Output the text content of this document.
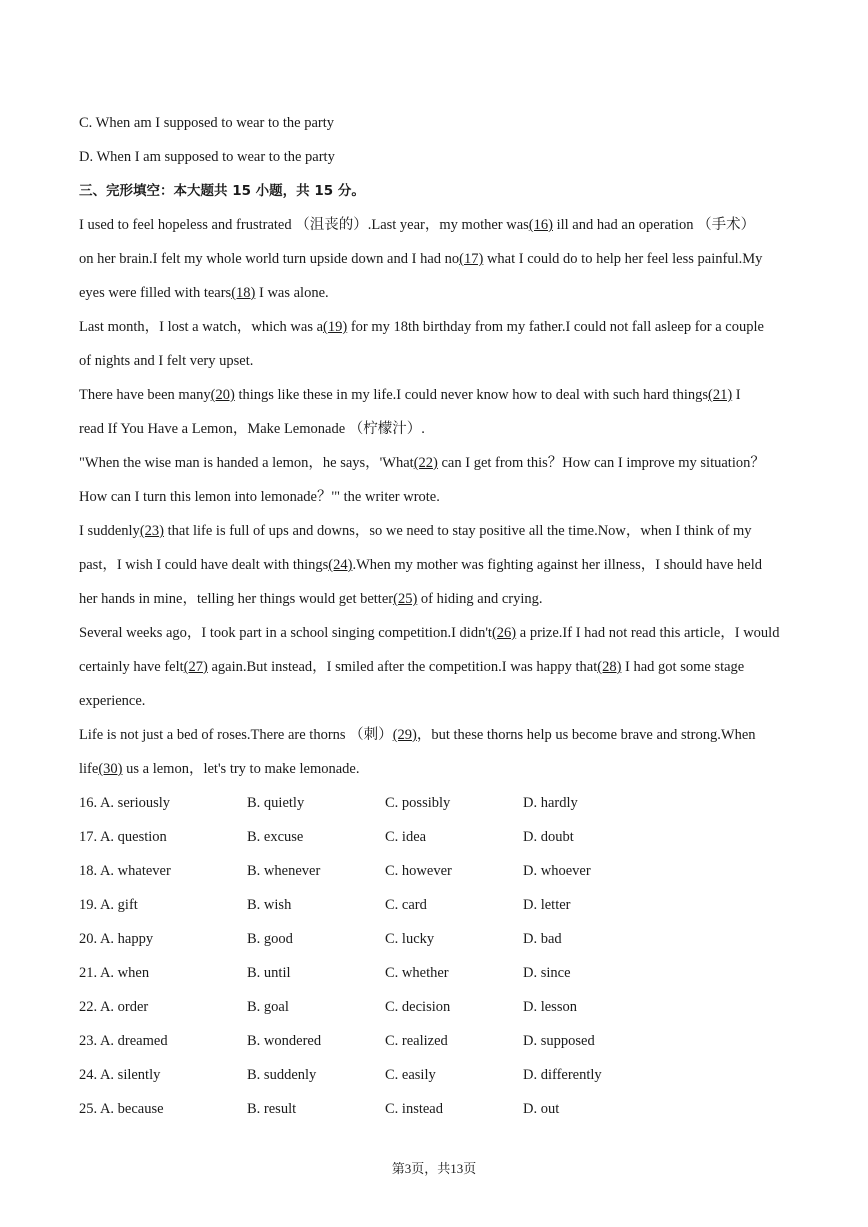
C. When am I supposed to wear to the party
D. When I am supposed to wear to the party
三、完形填空：本大题共 15 小题，共 15 分。
I used to feel hopeless and frustrated （沮丧的）.Last year，my mother was(16) ill and had an operation （手术）
on her brain.I felt my whole world turn upside down and I had no(17) what I could do to help her feel less painful.My
eyes were filled with tears(18) I was alone.
Last month，I lost a watch，which was a(19) for my 18th birthday from my father.I could not fall asleep for a couple
of nights and I felt very upset.
There have been many(20) things like these in my life.I could never know how to deal with such hard things(21) I
read If You Have a Lemon，Make Lemonade （柠檬汁）.
"When the wise man is handed a lemon，he says，'What(22) can I get from this？How can I improve my situation？
How can I turn this lemon into lemonade？'" the writer wrote.
I suddenly(23) that life is full of ups and downs，so we need to stay positive all the time.Now，when I think of my
past，I wish I could have dealt with things(24).When my mother was fighting against her illness，I should have held
her hands in mine，telling her things would get better(25) of hiding and crying.
Several weeks ago，I took part in a school singing competition.I didn't(26) a prize.If I had not read this article，I would
certainly have felt(27) again.But instead，I smiled after the competition.I was happy that(28) I had got some stage
experience.
Life is not just a bed of roses.There are thorns （刺）(29)，but these thorns help us become brave and strong.When
life(30) us a lemon，let's try to make lemonade.
16. A. seriously	B. quietly	C. possibly	D. hardly
17. A. question	B. excuse	C. idea	D. doubt
18. A. whatever	B. whenever	C. however	D. whoever
19. A. gift	B. wish	C. card	D. letter
20. A. happy	B. good	C. lucky	D. bad
21. A. when	B. until	C. whether	D. since
22. A. order	B. goal	C. decision	D. lesson
23. A. dreamed	B. wondered	C. realized	D. supposed
24. A. silently	B. suddenly	C. easily	D. differently
25. A. because	B. result	C. instead	D. out
第3页，共13页
